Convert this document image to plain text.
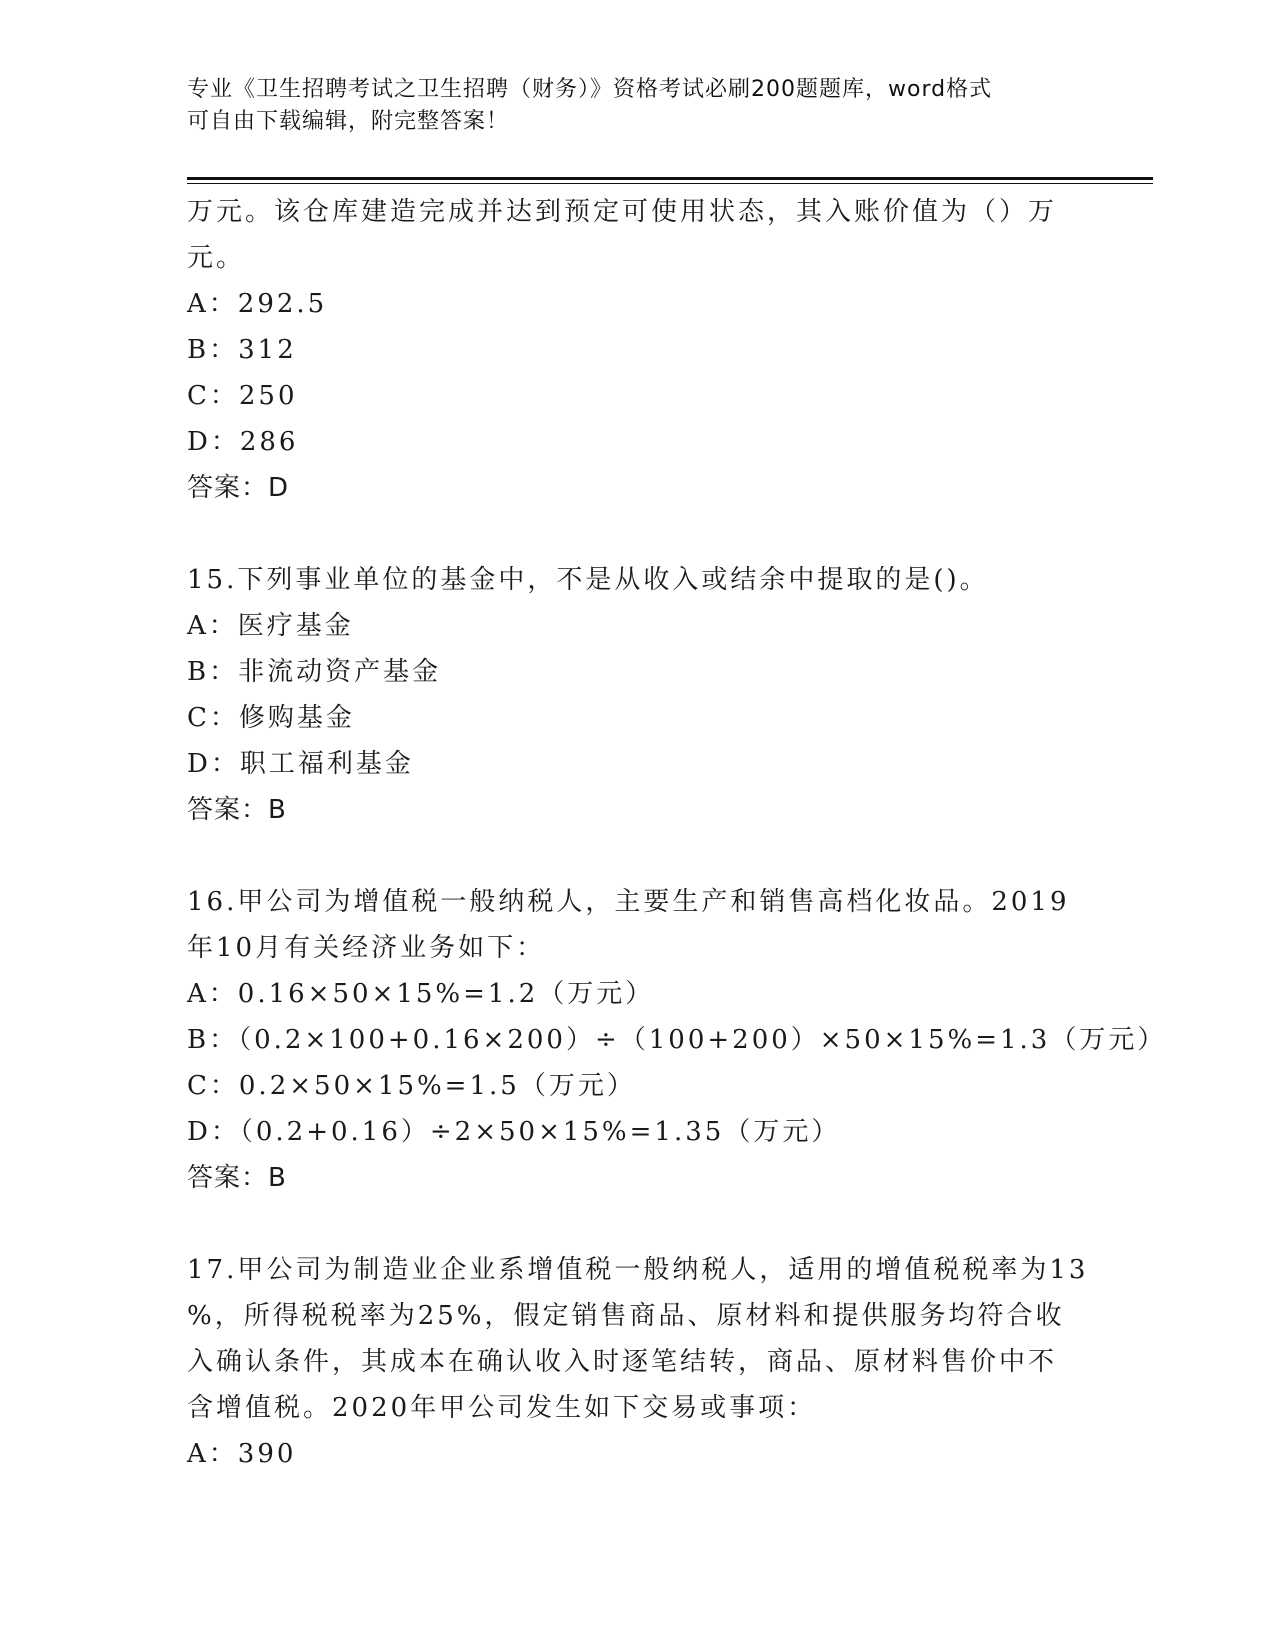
专业《卫生招聘考试之卫生招聘（财务）》资格考试必刷200题题库，word格式
可自由下载编辑，附完整答案！
万元。该仓库建造完成并达到预定可使用状态，其入账价值为（）万
元。
A：292.5
B：312
C：250
D：286
答案：D
15.下列事业单位的基金中，不是从收入或结余中提取的是()。
A：医疗基金
B：非流动资产基金
C：修购基金
D：职工福利基金
答案：B
16.甲公司为增值税一般纳税人，主要生产和销售高档化妆品。2019
年10月有关经济业务如下：
A：0.16×50×15%=1.2（万元）
B：（0.2×100+0.16×200）÷（100+200）×50×15%=1.3（万元）
C：0.2×50×15%=1.5（万元）
D：（0.2+0.16）÷2×50×15%=1.35（万元）
答案：B
17.甲公司为制造业企业系增值税一般纳税人，适用的增值税税率为13
%，所得税税率为25%，假定销售商品、原材料和提供服务均符合收
入确认条件，其成本在确认收入时逐笔结转，商品、原材料售价中不
含增值税。2020年甲公司发生如下交易或事项：
A：390
